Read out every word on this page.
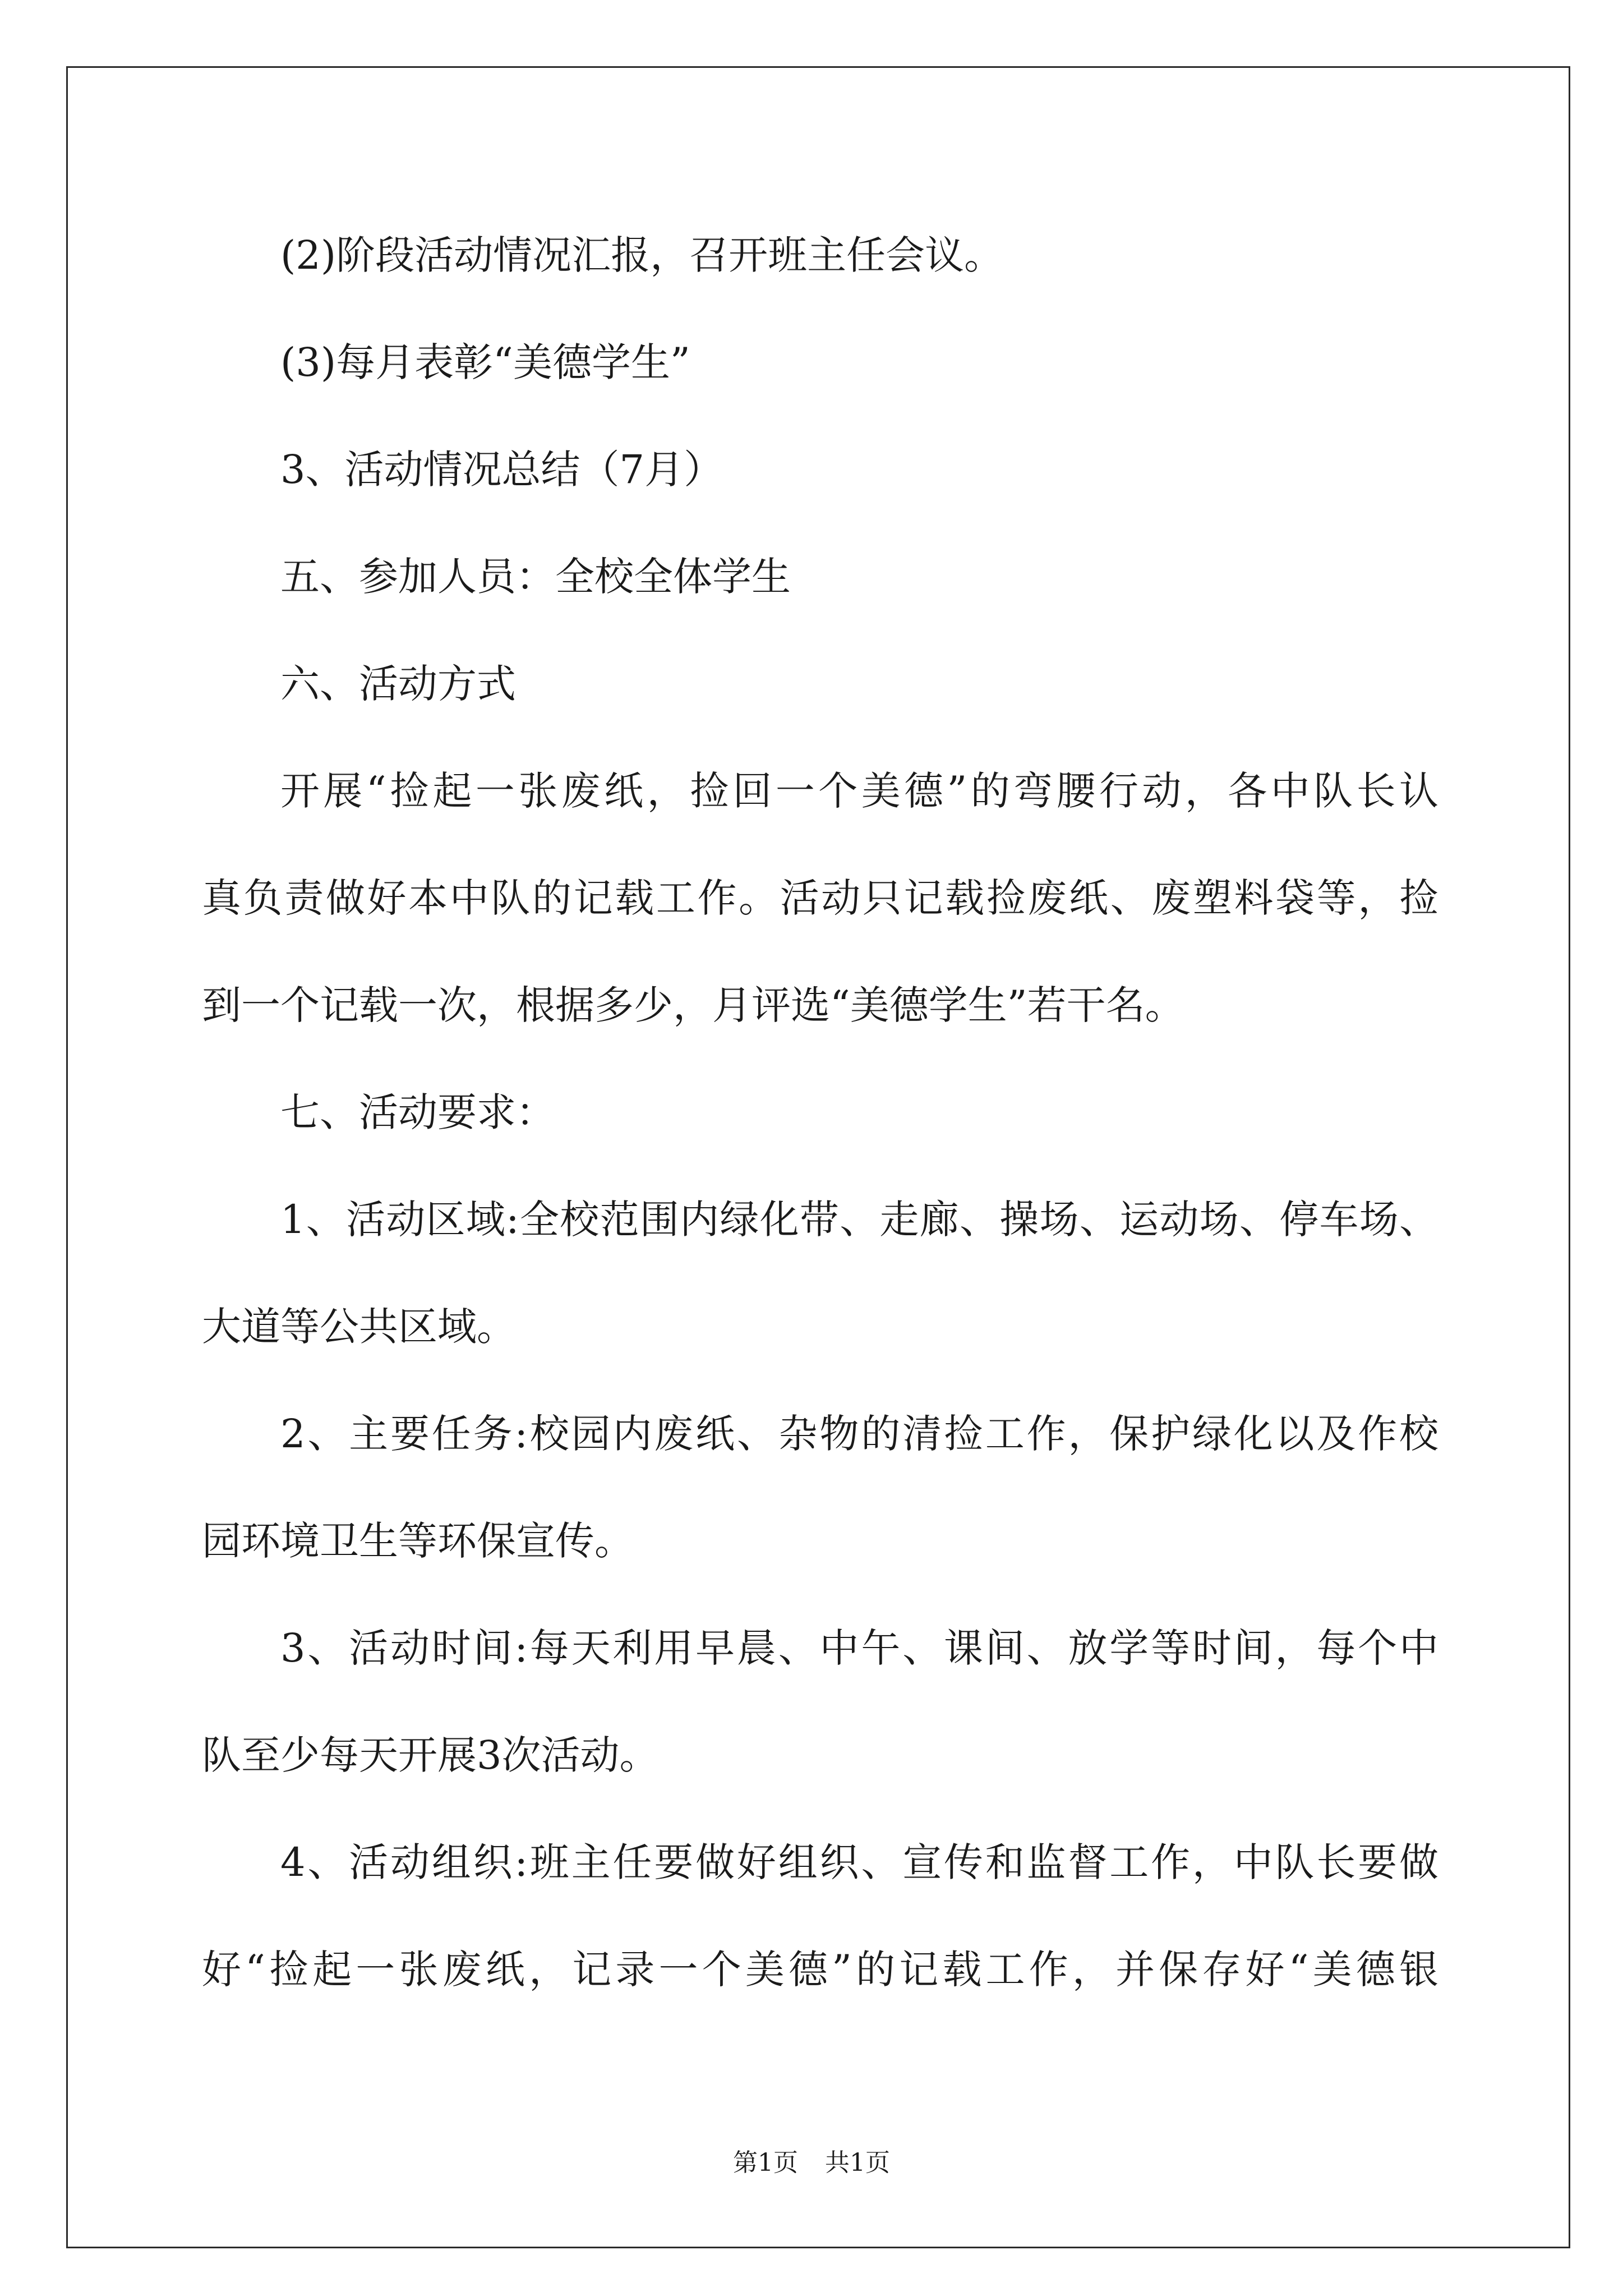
(2)阶段活动情况汇报，召开班主任会议。
(3)每月表彰“美德学生”
3、活动情况总结（7月）
五、参加人员：全校全体学生
六、活动方式
开展“捡起一张废纸，捡回一个美德”的弯腰行动，各中队长认
真负责做好本中队的记载工作。活动只记载捡废纸、废塑料袋等，捡
到一个记载一次，根据多少，月评选“美德学生”若干名。
七、活动要求：
1、活动区域:全校范围内绿化带、走廊、操场、运动场、停车场、
大道等公共区域。
2、主要任务:校园内废纸、杂物的清捡工作，保护绿化以及作校
园环境卫生等环保宣传。
3、活动时间:每天利用早晨、中午、课间、放学等时间，每个中
队至少每天开展3次活动。
4、活动组织:班主任要做好组织、宣传和监督工作，中队长要做
好“捡起一张废纸，记录一个美德”的记载工作，并保存好“美德银
第1页 共1页
